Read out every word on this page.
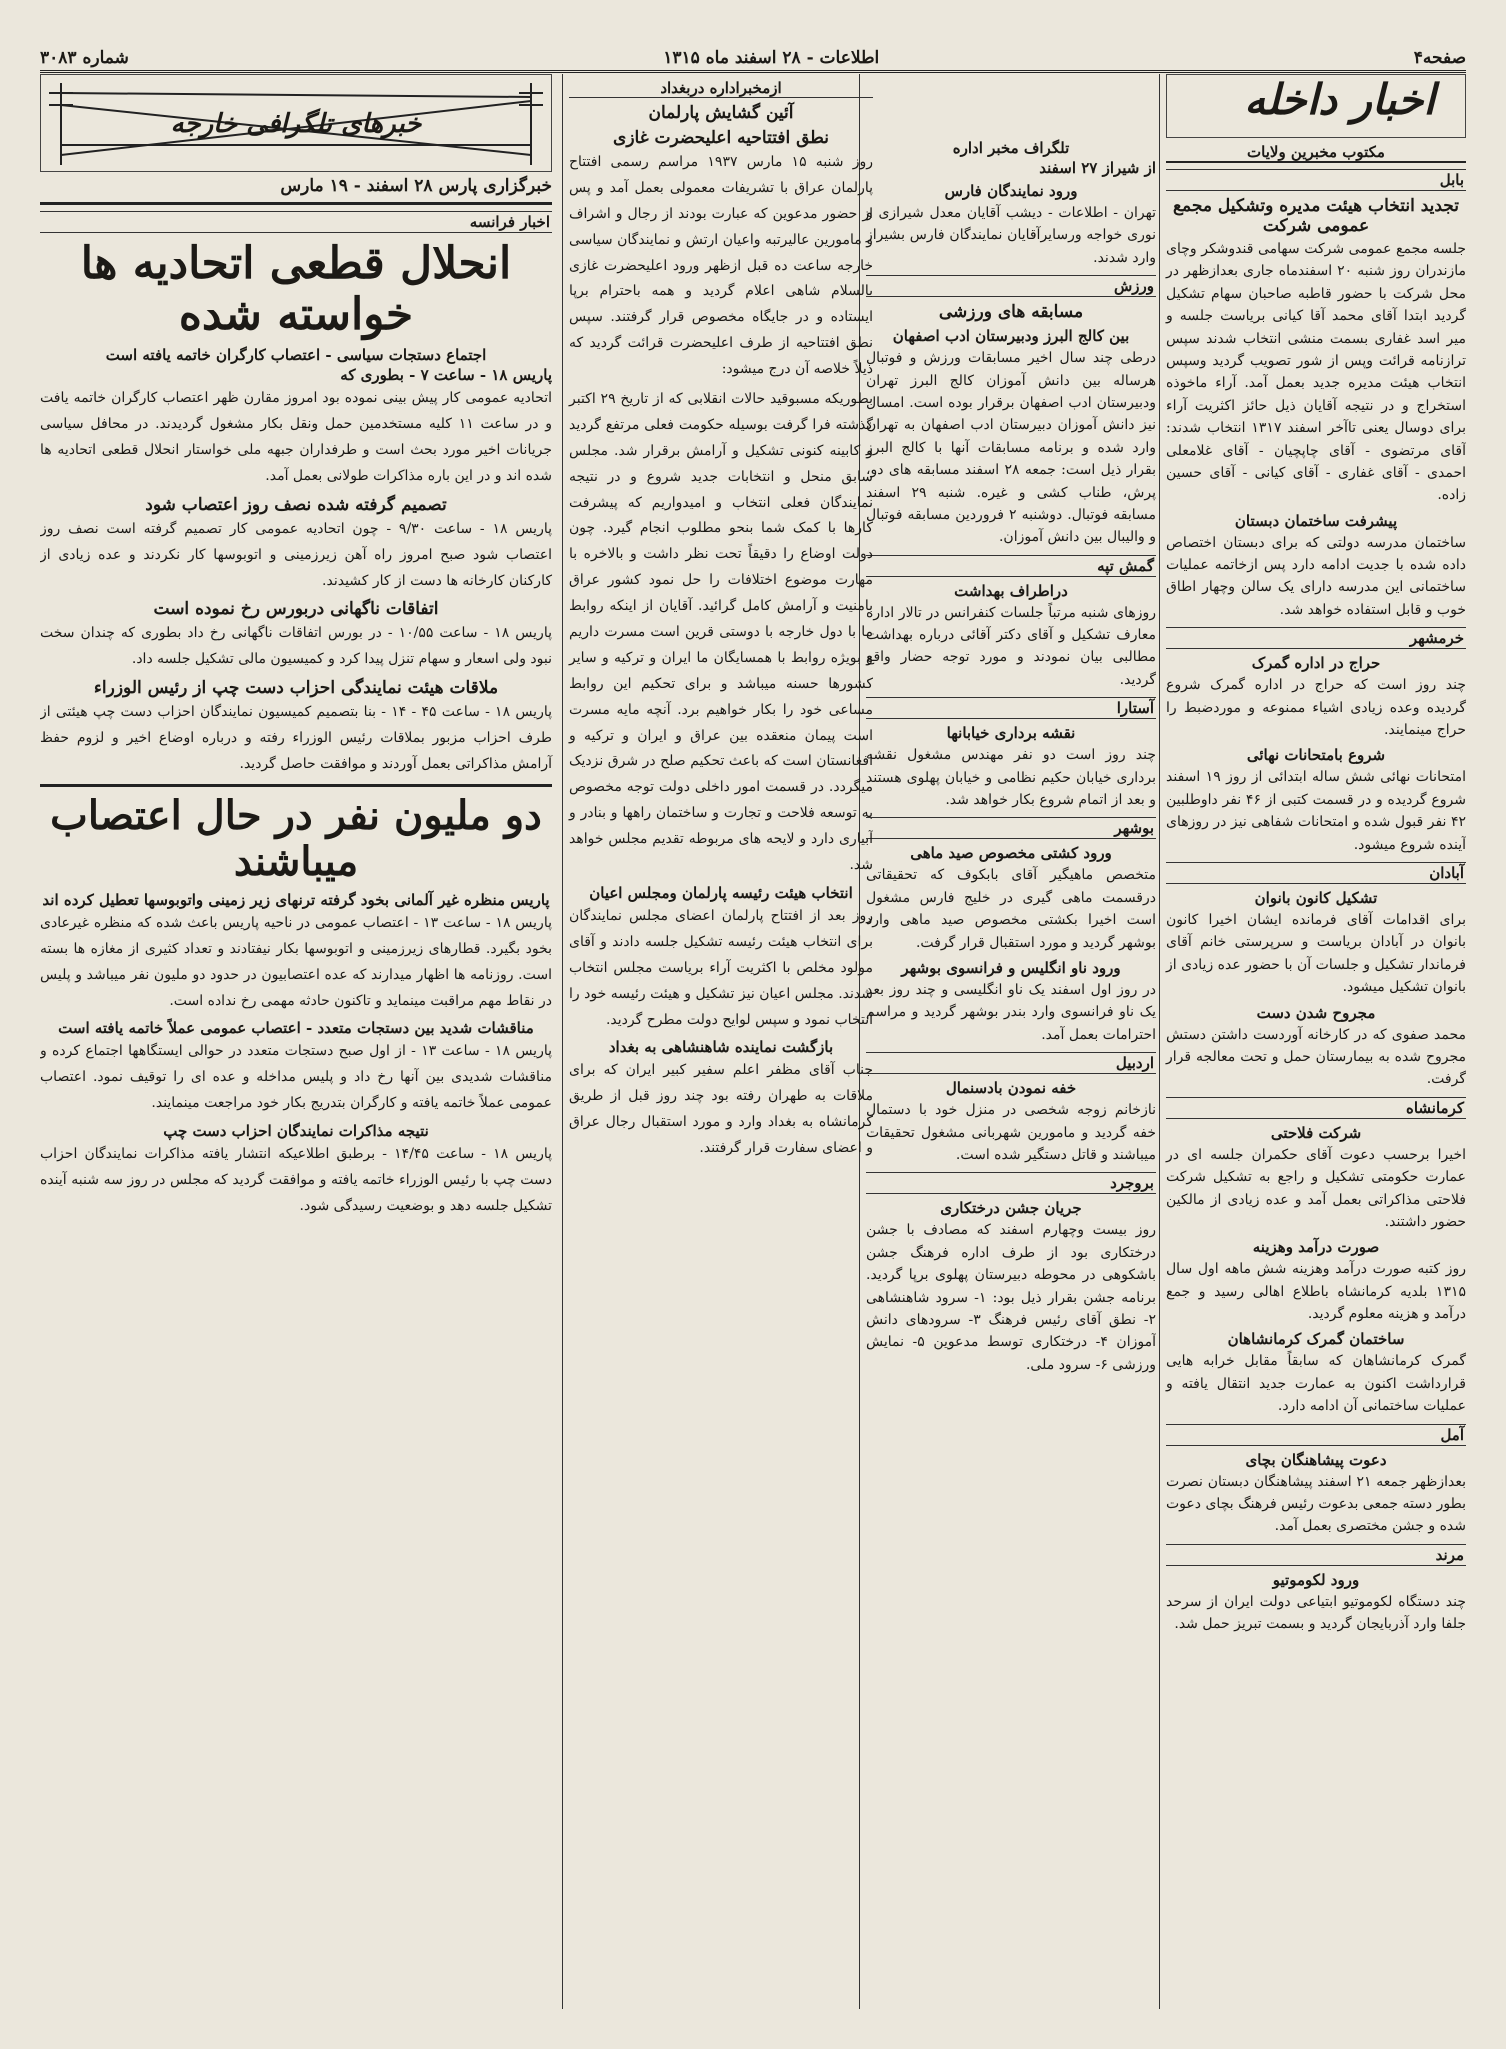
صفحه۴
اطلاعات - ۲۸ اسفند ماه ۱۳۱۵
شماره ۳۰۸۳
اخبار داخله
مکتوب مخبرین ولایات
بابل
تجدید انتخاب هیئت مدیره وتشکیل مجمع عمومی شرکت

جلسه مجمع عمومی شرکت سهامی قندوشکر وچای مازندران روز شنبه ۲۰ اسفندماه جاری بعدازظهر در محل شرکت با حضور قاطبه صاحبان سهام تشکیل گردید ابتدا آقای محمد آقا کیانی بریاست جلسه و میر اسد غفاری بسمت منشی انتخاب شدند سپس ترازنامه قرائت وپس از شور تصویب گردید وسپس انتخاب هیئت مدیره جدید بعمل آمد. آراء ماخوذه استخراج و در نتیجه آقایان ذیل حائز اکثریت آراء برای دوسال یعنی تاآخر اسفند ۱۳۱۷ انتخاب شدند: آقای مرتضوی - آقای چاپچیان - آقای غلامعلی احمدی - آقای غفاری - آقای کیانی - آقای حسین زاده.

پیشرفت ساختمان دبستان

ساختمان مدرسه دولتی که برای دبستان اختصاص داده شده با جدیت ادامه دارد پس ازخاتمه عملیات ساختمانی این مدرسه دارای یک سالن وچهار اطاق خوب و قابل استفاده خواهد شد.

خرمشهر
حراج در اداره گمرک

چند روز است که حراج در اداره گمرک شروع گردیده وعده زیادی اشیاء ممنوعه و موردضبط را حراج مینمایند.

شروع بامتحانات نهائی

امتحانات نهائی شش ساله ابتدائی از روز ۱۹ اسفند شروع گردیده و در قسمت کتبی از ۴۶ نفر داوطلبین ۴۲ نفر قبول شده و امتحانات شفاهی نیز در روزهای آینده شروع میشود.

آبادان
تشکیل کانون بانوان

برای اقدامات آقای فرمانده ایشان اخیرا کانون بانوان در آبادان بریاست و سرپرستی خانم آقای فرماندار تشکیل و جلسات آن با حضور عده زیادی از بانوان تشکیل میشود.

مجروح شدن دست

محمد صفوی که در کارخانه آوردست داشتن دستش مجروح شده به بیمارستان حمل و تحت معالجه قرار گرفت.

کرمانشاه
شرکت فلاحتی

اخیرا برحسب دعوت آقای حکمران جلسه ای در عمارت حکومتی تشکیل و راجع به تشکیل شرکت فلاحتی مذاکراتی بعمل آمد و عده زیادی از مالکین حضور داشتند.

صورت درآمد وهزینه

روز کتبه صورت درآمد وهزینه شش ماهه اول سال ۱۳۱۵ بلدیه کرمانشاه باطلاع اهالی رسید و جمع درآمد و هزینه معلوم گردید.

ساختمان گمرک کرمانشاهان

گمرک کرمانشاهان که سابقاً مقابل خرابه هایی قرارداشت اکنون به عمارت جدید انتقال یافته و عملیات ساختمانی آن ادامه دارد.

آمل
دعوت پیشاهنگان بچای

بعدازظهر جمعه ۲۱ اسفند پیشاهنگان دبستان نصرت بطور دسته جمعی بدعوت رئیس فرهنگ بچای دعوت شده و جشن مختصری بعمل آمد.

مرند
ورود لکوموتیو

چند دستگاه لکوموتیو ابتیاعی دولت ایران از سرحد جلفا وارد آذربایجان گردید و بسمت تبریز حمل شد.

تلگراف مخبر اداره
از شیراز ۲۷ اسفند
ورود نمایندگان فارس

تهران - اطلاعات - دیشب آقایان معدل شیرازی و نوری خواجه ورسایرآقایان نمایندگان فارس بشیراز وارد شدند.

ورزش
مسابقه های ورزشی
بین کالج البرز ودبیرستان ادب اصفهان

درطی چند سال اخیر مسابقات ورزش و فوتبال هرساله بین دانش آموزان کالج البرز تهران ودبیرستان ادب اصفهان برقرار بوده است. امسال نیز دانش آموزان دبیرستان ادب اصفهان به تهران وارد شده و برنامه مسابقات آنها با کالج البرز بقرار ذیل است: جمعه ۲۸ اسفند مسابقه های دو، پرش، طناب کشی و غیره. شنبه ۲۹ اسفند مسابقه فوتبال. دوشنبه ۲ فروردین مسابقه فوتبال و والیبال بین دانش آموزان.

گمش تپه
دراطراف بهداشت

روزهای شنبه مرتباً جلسات کنفرانس در تالار اداره معارف تشکیل و آقای دکتر آقائی درباره بهداشت مطالبی بیان نمودند و مورد توجه حضار واقع گردید.

آستارا
نقشه برداری خیابانها

چند روز است دو نفر مهندس مشغول نقشه برداری خیابان حکیم نظامی و خیابان پهلوی هستند و بعد از اتمام شروع بکار خواهد شد.

بوشهر
ورود کشتی مخصوص صید ماهی

متخصص ماهیگیر آقای بابکوف که تحقیقاتی درقسمت ماهی گیری در خلیج فارس مشغول است اخیرا بکشتی مخصوص صید ماهی وارد بوشهر گردید و مورد استقبال قرار گرفت.

ورود ناو انگلیس و فرانسوی بوشهر

در روز اول اسفند یک ناو انگلیسی و چند روز بعد یک ناو فرانسوی وارد بندر بوشهر گردید و مراسم احترامات بعمل آمد.

اردبیل
خفه نمودن بادسنمال

نازخانم زوجه شخصی در منزل خود با دستمال خفه گردید و مامورین شهربانی مشغول تحقیقات میباشند و قاتل دستگیر شده است.

بروجرد
جریان جشن درختکاری

روز بیست وچهارم اسفند که مصادف با جشن درختکاری بود از طرف اداره فرهنگ جشن باشکوهی در محوطه دبیرستان پهلوی برپا گردید. برنامه جشن بقرار ذیل بود: ۱- سرود شاهنشاهی ۲- نطق آقای رئیس فرهنگ ۳- سرودهای دانش آموزان ۴- درختکاری توسط مدعوین ۵- نمایش ورزشی ۶- سرود ملی.

ازمخبراداره دربغداد
آئین گشایش پارلمان
نطق افتتاحیه اعلیحضرت غازی

روز شنبه ۱۵ مارس ۱۹۳۷ مراسم رسمی افتتاح پارلمان عراق با تشریفات معمولی بعمل آمد و پس از حضور مدعوین که عبارت بودند از رجال و اشراف و مامورین عالیرتبه واعیان ارتش و نمایندگان سیاسی خارجه ساعت ده قبل ازظهر ورود اعلیحضرت غازی بالسلام شاهی اعلام گردید و همه باحترام برپا ایستاده و در جایگاه مخصوص قرار گرفتند. سپس نطق افتتاحیه از طرف اعلیحضرت قرائت گردید که ذیلاً خلاصه آن درج میشود:

بطوریکه مسبوقید حالات انقلابی که از تاریخ ۲۹ اکتبر گذشته فرا گرفت بوسیله حکومت فعلی مرتفع گردید و کابینه کنونی تشکیل و آرامش برقرار شد. مجلس سابق منحل و انتخابات جدید شروع و در نتیجه نمایندگان فعلی انتخاب و امیدواریم که پیشرفت کارها با کمک شما بنحو مطلوب انجام گیرد. چون دولت اوضاع را دقیقاً تحت نظر داشت و بالاخره با مهارت موضوع اختلافات را حل نمود کشور عراق بامنیت و آرامش کامل گرائید. آقایان از اینکه روابط ما با دول خارجه با دوستی قرین است مسرت داریم و بویژه روابط با همسایگان ما ایران و ترکیه و سایر کشورها حسنه میباشد و برای تحکیم این روابط مساعی خود را بکار خواهیم برد. آنچه مایه مسرت است پیمان منعقده بین عراق و ایران و ترکیه و افغانستان است که باعث تحکیم صلح در شرق نزدیک میگردد. در قسمت امور داخلی دولت توجه مخصوص به توسعه فلاحت و تجارت و ساختمان راهها و بنادر و آبیاری دارد و لایحه های مربوطه تقدیم مجلس خواهد شد.

انتخاب هیئت رئیسه پارلمان ومجلس اعیان

روز بعد از افتتاح پارلمان اعضای مجلس نمایندگان برای انتخاب هیئت رئیسه تشکیل جلسه دادند و آقای مولود مخلص با اکثریت آراء بریاست مجلس انتخاب شدند. مجلس اعیان نیز تشکیل و هیئت رئیسه خود را انتخاب نمود و سپس لوایح دولت مطرح گردید.

بازگشت نماینده شاهنشاهی به بغداد

جناب آقای مظفر اعلم سفیر کبیر ایران که برای ملاقات به طهران رفته بود چند روز قبل از طریق کرمانشاه به بغداد وارد و مورد استقبال رجال عراق و اعضای سفارت قرار گرفتند.

خبرهای تلگرافی خارجه
خبرگزاری پارس ۲۸ اسفند - ۱۹ مارس
اخبار فرانسه
انحلال قطعی اتحادیه ها خواسته شده
اجتماع دستجات سیاسی - اعتصاب کارگران خاتمه یافته است
پاریس ۱۸ - ساعت ۷ - بطوری که

اتحادیه عمومی کار پیش بینی نموده بود امروز مقارن ظهر اعتصاب کارگران خاتمه یافت و در ساعت ۱۱ کلیه مستخدمین حمل ونقل بکار مشغول گردیدند. در محافل سیاسی جریانات اخیر مورد بحث است و طرفداران جبهه ملی خواستار انحلال قطعی اتحادیه ها شده اند و در این باره مذاکرات طولانی بعمل آمد.

تصمیم گرفته شده نصف روز اعتصاب شود

پاریس ۱۸ - ساعت ۹/۳۰ - چون اتحادیه عمومی کار تصمیم گرفته است نصف روز اعتصاب شود صبح امروز راه آهن زیرزمینی و اتوبوسها کار نکردند و عده زیادی از کارکنان کارخانه ها دست از کار کشیدند.

اتفاقات ناگهانی دربورس رخ نموده است

پاریس ۱۸ - ساعت ۱۰/۵۵ - در بورس اتفاقات ناگهانی رخ داد بطوری که چندان سخت نبود ولی اسعار و سهام تنزل پیدا کرد و کمیسیون مالی تشکیل جلسه داد.

ملاقات هیئت نمایندگی احزاب دست چپ از رئیس الوزراء

پاریس ۱۸ - ساعت ۴۵ - ۱۴ - بنا بتصمیم کمیسیون نمایندگان احزاب دست چپ هیئتی از طرف احزاب مزبور بملاقات رئیس الوزراء رفته و درباره اوضاع اخیر و لزوم حفظ آرامش مذاکراتی بعمل آوردند و موافقت حاصل گردید.

دو ملیون نفر در حال اعتصاب میباشند
پاریس منظره غیر آلمانی بخود گرفته ترنهای زیر زمینی واتوبوسها تعطیل کرده اند

پاریس ۱۸ - ساعت ۱۳ - اعتصاب عمومی در ناحیه پاریس باعث شده که منظره غیرعادی بخود بگیرد. قطارهای زیرزمینی و اتوبوسها بکار نیفتادند و تعداد کثیری از مغازه ها بسته است. روزنامه ها اظهار میدارند که عده اعتصابیون در حدود دو ملیون نفر میباشد و پلیس در نقاط مهم مراقبت مینماید و تاکنون حادثه مهمی رخ نداده است.

مناقشات شدید بین دستجات متعدد - اعتصاب عمومی عملاً خاتمه یافته است

پاریس ۱۸ - ساعت ۱۳ - از اول صبح دستجات متعدد در حوالی ایستگاهها اجتماع کرده و مناقشات شدیدی بین آنها رخ داد و پلیس مداخله و عده ای را توقیف نمود. اعتصاب عمومی عملاً خاتمه یافته و کارگران بتدریج بکار خود مراجعت مینمایند.

نتیجه مذاکرات نمایندگان احزاب دست چپ

پاریس ۱۸ - ساعت ۱۴/۴۵ - برطبق اطلاعیکه انتشار یافته مذاکرات نمایندگان احزاب دست چپ با رئیس الوزراء خاتمه یافته و موافقت گردید که مجلس در روز سه شنبه آینده تشکیل جلسه دهد و بوضعیت رسیدگی شود.
